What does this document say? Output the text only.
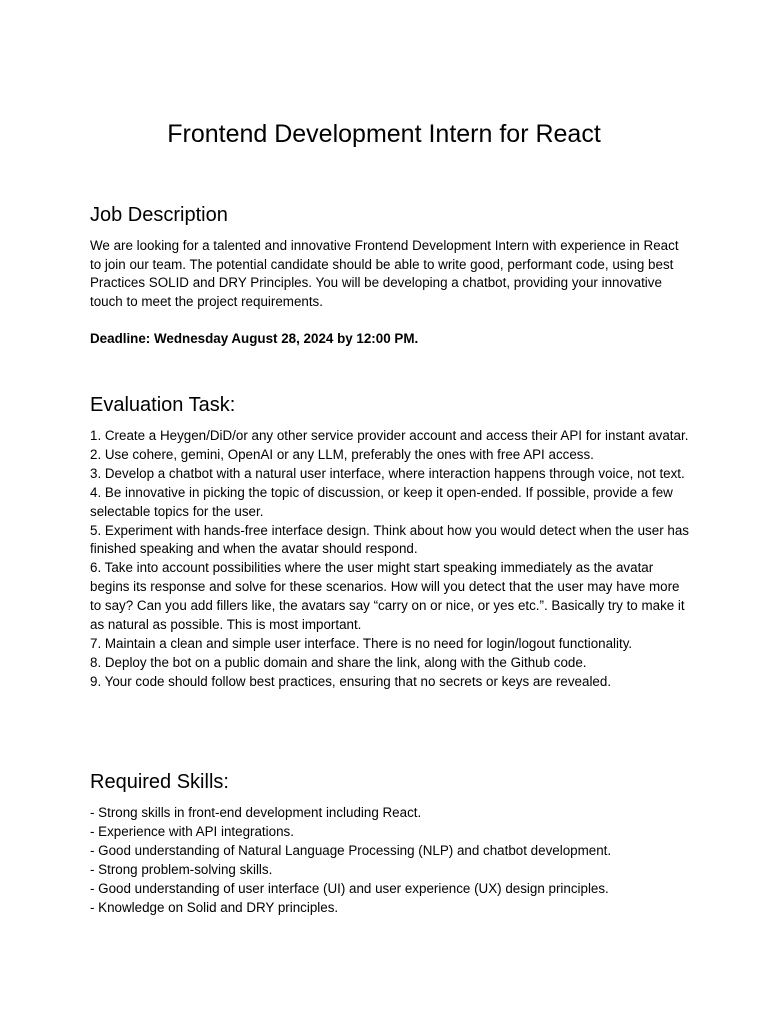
Frontend Development Intern for React
Job Description

We are looking for a talented and innovative Frontend Development Intern with experience in React to join our team. The potential candidate should be able to write good, performant code, using best Practices SOLID and DRY Principles. You will be developing a chatbot, providing your innovative touch to meet the project requirements.

Deadline: Wednesday August 28, 2024 by 12:00 PM.

Evaluation Task:
1. Create a Heygen/DiD/or any other service provider account and access their API for instant avatar.
2. Use cohere, gemini, OpenAI or any LLM, preferably the ones with free API access.
3. Develop a chatbot with a natural user interface, where interaction happens through voice, not text.
4. Be innovative in picking the topic of discussion, or keep it open-ended. If possible, provide a few selectable topics for the user.
5. Experiment with hands-free interface design. Think about how you would detect when the user has finished speaking and when the avatar should respond.
6. Take into account possibilities where the user might start speaking immediately as the avatar begins its response and solve for these scenarios. How will you detect that the user may have more to say? Can you add fillers like, the avatars say “carry on or nice, or yes etc.”. Basically try to make it as natural as possible. This is most important.
7. Maintain a clean and simple user interface. There is no need for login/logout functionality.
8. Deploy the bot on a public domain and share the link, along with the Github code.
9. Your code should follow best practices, ensuring that no secrets or keys are revealed.
Required Skills:
- Strong skills in front-end development including React.
- Experience with API integrations.
- Good understanding of Natural Language Processing (NLP) and chatbot development.
- Strong problem-solving skills.
- Good understanding of user interface (UI) and user experience (UX) design principles.
- Knowledge on Solid and DRY principles.
